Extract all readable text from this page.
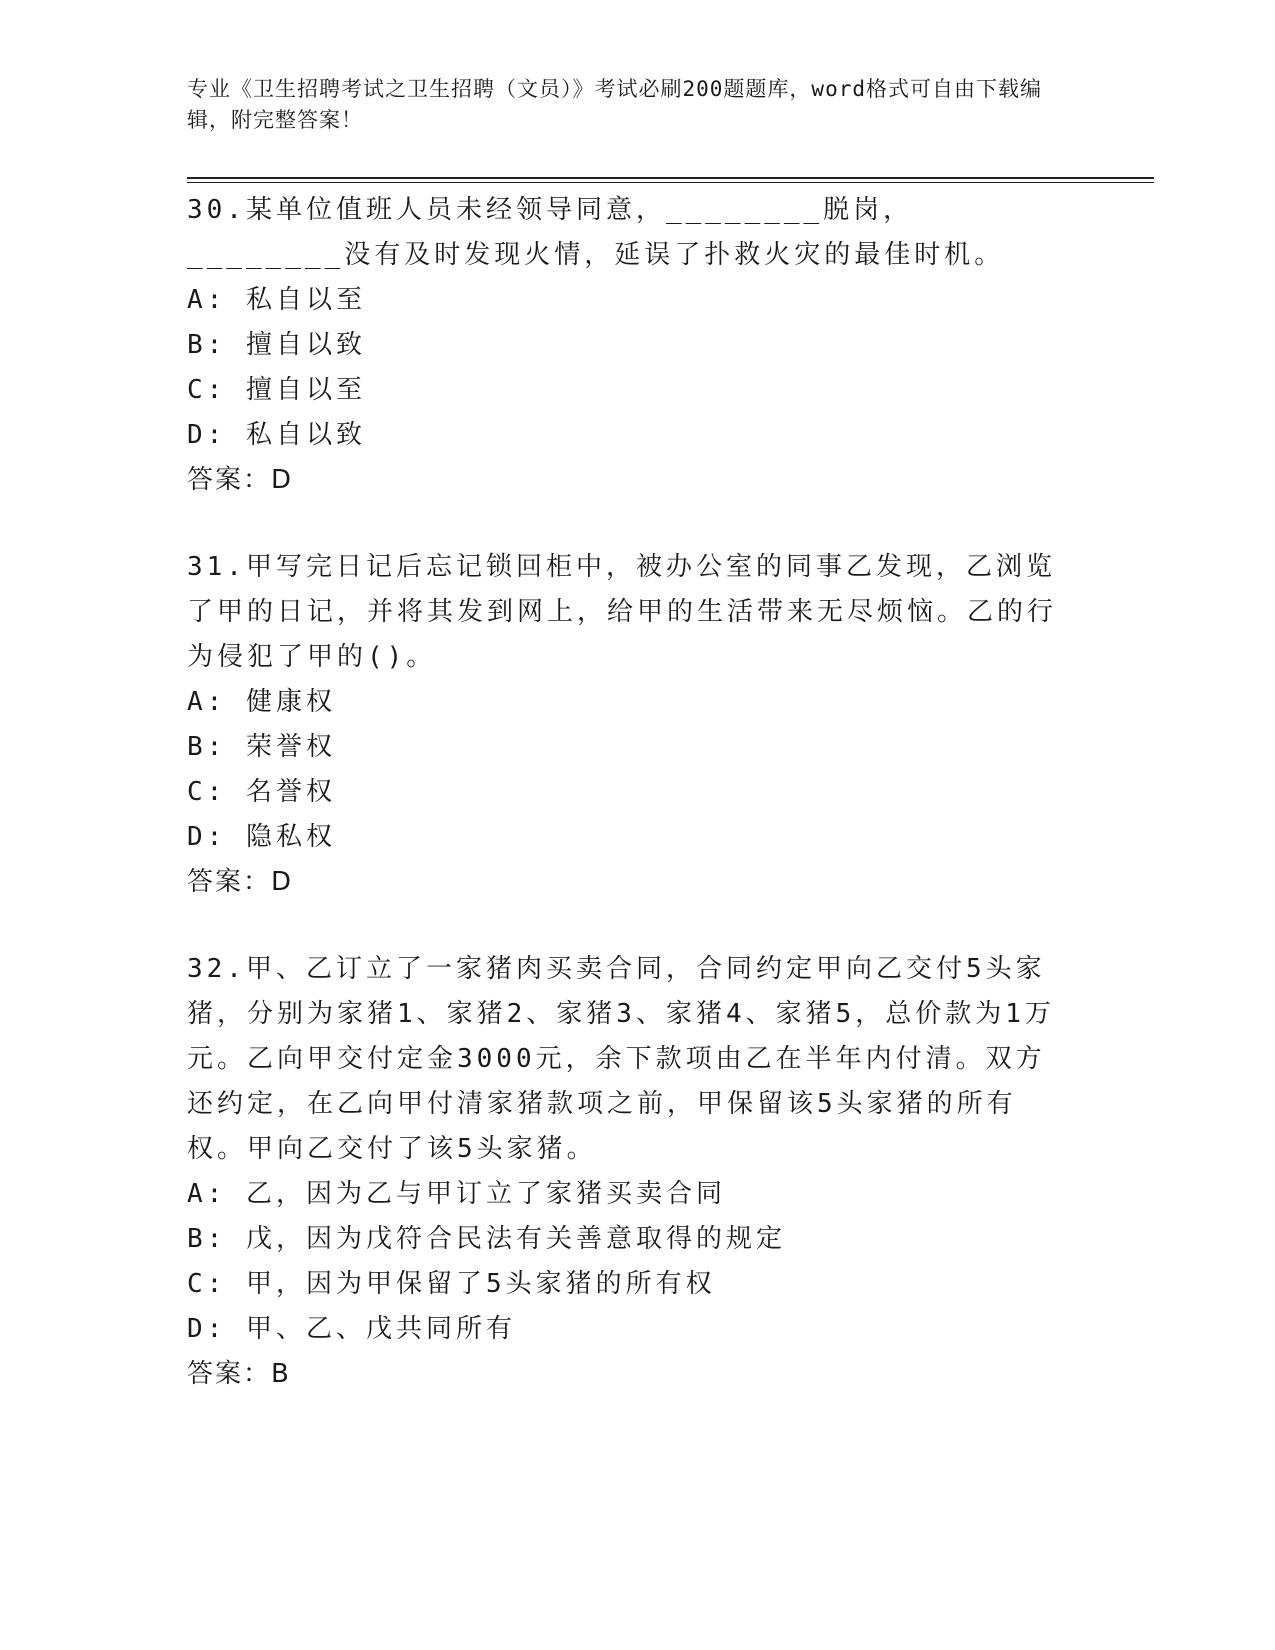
专业《卫生招聘考试之卫生招聘（文员）》考试必刷200题题库，word格式可自由下载编辑，附完整答案！
30.某单位值班人员未经领导同意，________脱岗，________没有及时发现火情，延误了扑救火灾的最佳时机。
A: 私自以至
B: 擅自以致
C: 擅自以至
D: 私自以致
答案：D
31.甲写完日记后忘记锁回柜中，被办公室的同事乙发现，乙浏览了甲的日记，并将其发到网上，给甲的生活带来无尽烦恼。乙的行为侵犯了甲的()。
A: 健康权
B: 荣誉权
C: 名誉权
D: 隐私权
答案：D
32.甲、乙订立了一家猪肉买卖合同，合同约定甲向乙交付5头家猪，分别为家猪1、家猪2、家猪3、家猪4、家猪5，总价款为1万元。乙向甲交付定金3000元，余下款项由乙在半年内付清。双方还约定，在乙向甲付清家猪款项之前，甲保留该5头家猪的所有权。甲向乙交付了该5头家猪。
A: 乙，因为乙与甲订立了家猪买卖合同
B: 戊，因为戊符合民法有关善意取得的规定
C: 甲，因为甲保留了5头家猪的所有权
D: 甲、乙、戊共同所有
答案：B
